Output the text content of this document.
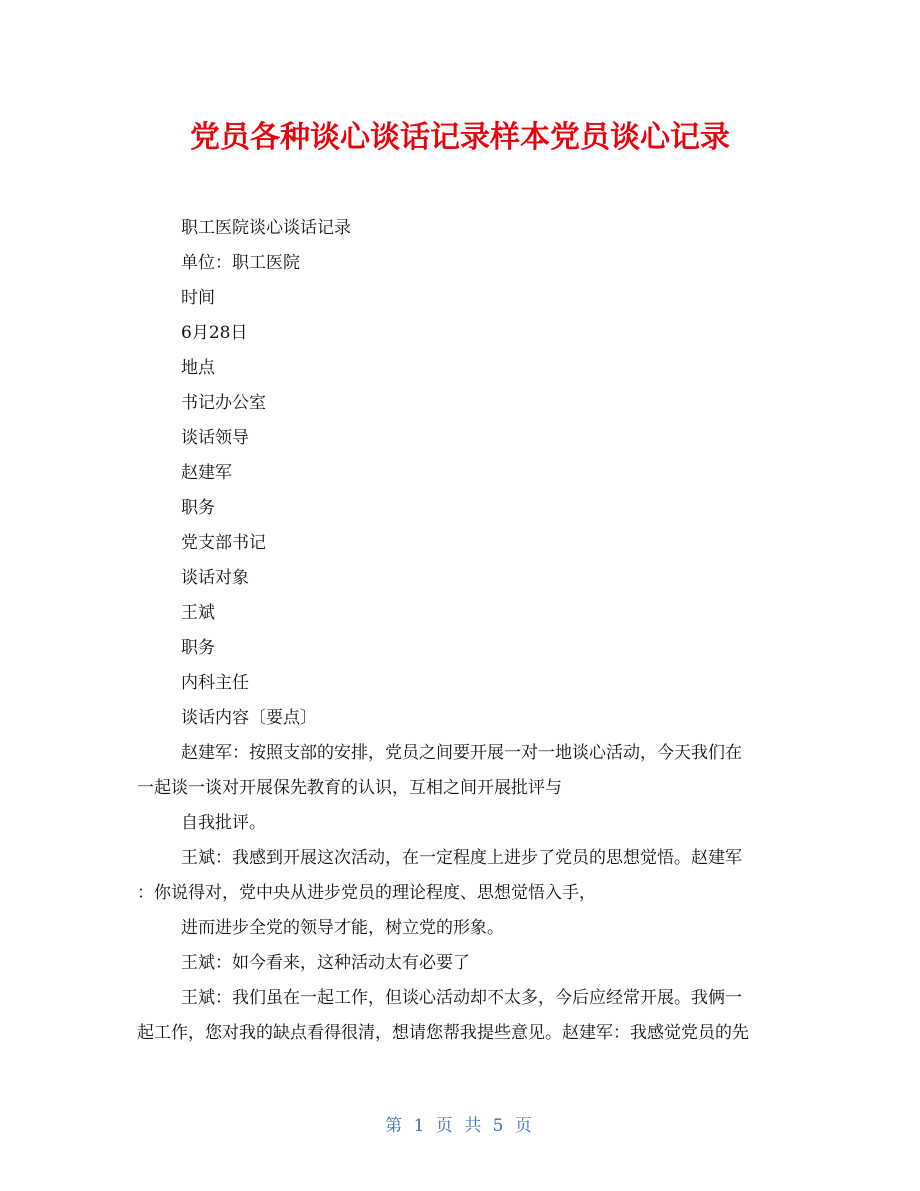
党员各种谈心谈话记录样本党员谈心记录
职工医院谈心谈话记录
单位：职工医院
时间
6月28日
地点
书记办公室
谈话领导
赵建军
职务
党支部书记
谈话对象
王斌
职务
内科主任
谈话内容〔要点〕
赵建军：按照支部的安排，党员之间要开展一对一地谈心活动，今天我们在
一起谈一谈对开展保先教育的认识，互相之间开展批评与
自我批评。
王斌：我感到开展这次活动，在一定程度上进步了党员的思想觉悟。赵建军
：你说得对，党中央从进步党员的理论程度、思想觉悟入手，
进而进步全党的领导才能，树立党的形象。
王斌：如今看来，这种活动太有必要了
王斌：我们虽在一起工作，但谈心活动却不太多，今后应经常开展。我俩一
起工作，您对我的缺点看得很清，想请您帮我提些意见。赵建军：我感觉党员的先
第 1 页 共 5 页
